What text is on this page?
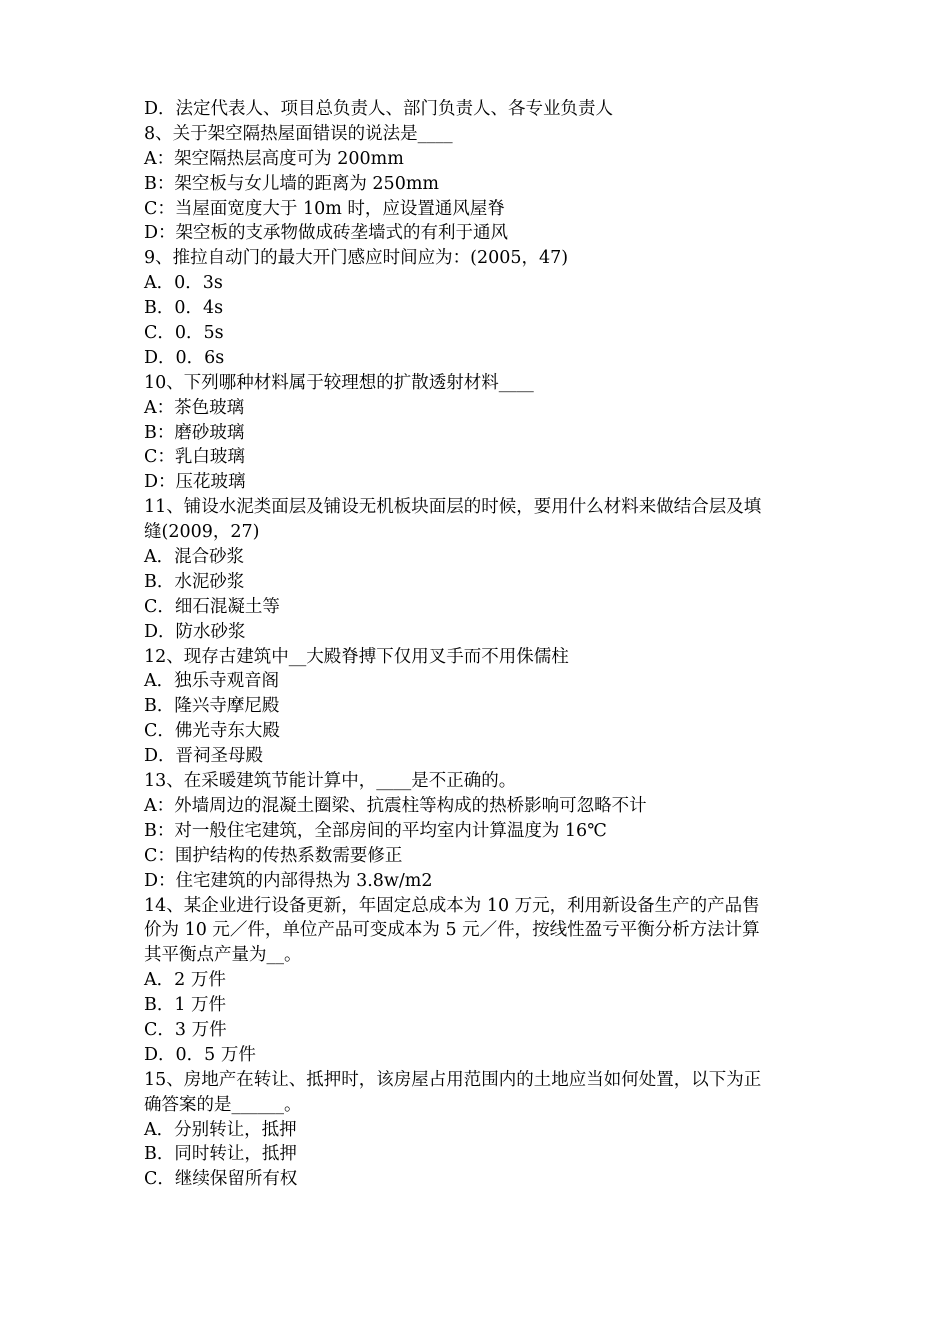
D．法定代表人、项目总负责人、部门负责人、各专业负责人
8、关于架空隔热屋面错误的说法是____
A：架空隔热层高度可为 200mm
B：架空板与女儿墙的距离为 250mm
C：当屋面宽度大于 10m 时，应设置通风屋脊
D：架空板的支承物做成砖垄墙式的有利于通风
9、推拉自动门的最大开门感应时间应为：(2005，47)
A．0．3s
B．0．4s
C．0．5s
D．0．6s
10、下列哪种材料属于较理想的扩散透射材料____
A：茶色玻璃
B：磨砂玻璃
C：乳白玻璃
D：压花玻璃
11、铺设水泥类面层及铺设无机板块面层的时候，要用什么材料来做结合层及填
缝(2009，27)
A．混合砂浆
B．水泥砂浆
C．细石混凝土等
D．防水砂浆
12、现存古建筑中__大殿脊搏下仅用叉手而不用侏儒柱
A．独乐寺观音阁
B．隆兴寺摩尼殿
C．佛光寺东大殿
D．晋祠圣母殿
13、在采暖建筑节能计算中，____是不正确的。
A：外墙周边的混凝土圈梁、抗震柱等构成的热桥影响可忽略不计
B：对一般住宅建筑，全部房间的平均室内计算温度为 16℃
C：围护结构的传热系数需要修正
D：住宅建筑的内部得热为 3.8w/m2
14、某企业进行设备更新，年固定总成本为 10 万元，利用新设备生产的产品售
价为 10 元／件，单位产品可变成本为 5 元／件，按线性盈亏平衡分析方法计算
其平衡点产量为__。
A．2 万件
B．1 万件
C．3 万件
D．0．5 万件
15、房地产在转让、抵押时，该房屋占用范围内的土地应当如何处置，以下为正
确答案的是______。
A．分别转让，抵押
B．同时转让，抵押
C．继续保留所有权
